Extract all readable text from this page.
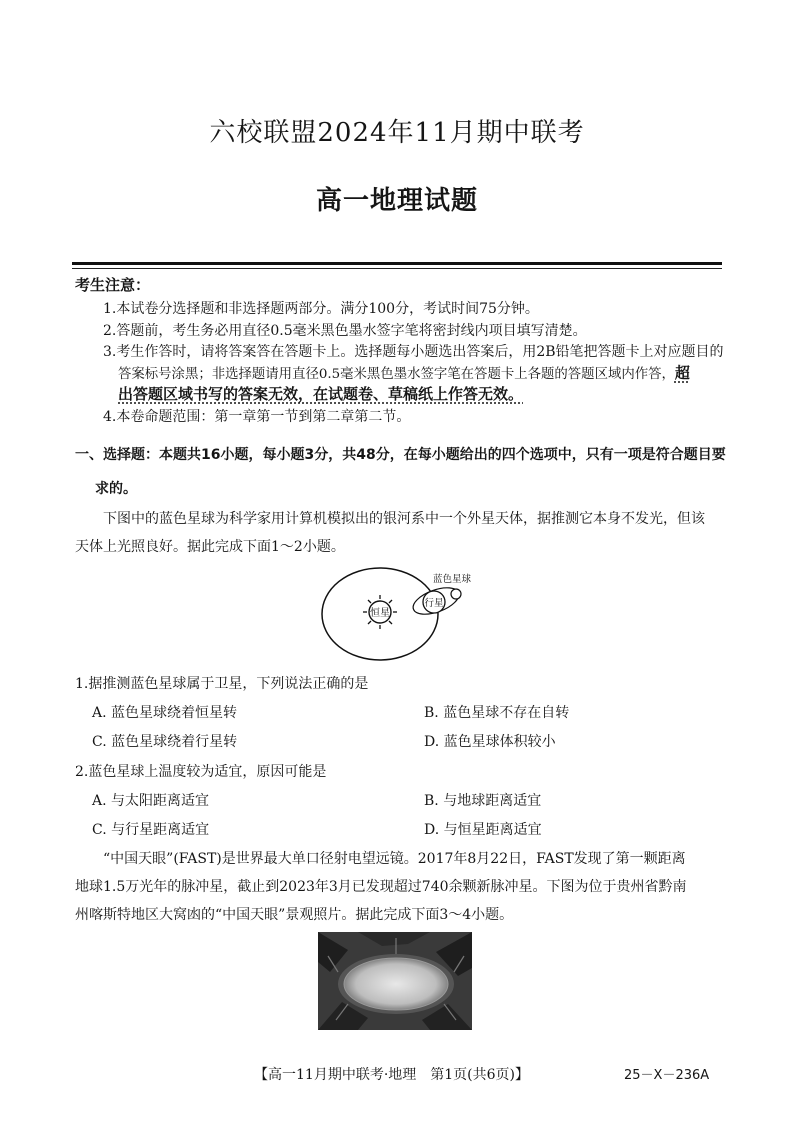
六校联盟2024年11月期中联考
高一地理试题
考生注意：
1.本试卷分选择题和非选择题两部分。满分100分，考试时间75分钟。
2.答题前，考生务必用直径0.5毫米黑色墨水签字笔将密封线内项目填写清楚。
3.考生作答时，请将答案答在答题卡上。选择题每小题选出答案后，用2B铅笔把答题卡上对应题目的
答案标号涂黑；非选择题请用直径0.5毫米黑色墨水签字笔在答题卡上各题的答题区域内作答，超
出答题区域书写的答案无效，在试题卷、草稿纸上作答无效。
4.本卷命题范围：第一章第一节到第二章第二节。
一、选择题：本题共16小题，每小题3分，共48分，在每小题给出的四个选项中，只有一项是符合题目要
求的。
下图中的蓝色星球为科学家用计算机模拟出的银河系中一个外星天体，据推测它本身不发光，但该
天体上光照良好。据此完成下面1～2小题。
恒星
行星
蓝色星球
1.据推测蓝色星球属于卫星，下列说法正确的是
A. 蓝色星球绕着恒星转	B. 蓝色星球不存在自转
C. 蓝色星球绕着行星转	D. 蓝色星球体积较小
2.蓝色星球上温度较为适宜，原因可能是
A. 与太阳距离适宜	B. 与地球距离适宜
C. 与行星距离适宜	D. 与恒星距离适宜
“中国天眼”(FAST)是世界最大单口径射电望远镜。2017年8月22日，FAST发现了第一颗距离
地球1.5万光年的脉冲星，截止到2023年3月已发现超过740余颗新脉冲星。下图为位于贵州省黔南
州喀斯特地区大窝凼的“中国天眼”景观照片。据此完成下面3～4小题。
【高一11月期中联考·地理　第1页(共6页)】	25－X－236A
